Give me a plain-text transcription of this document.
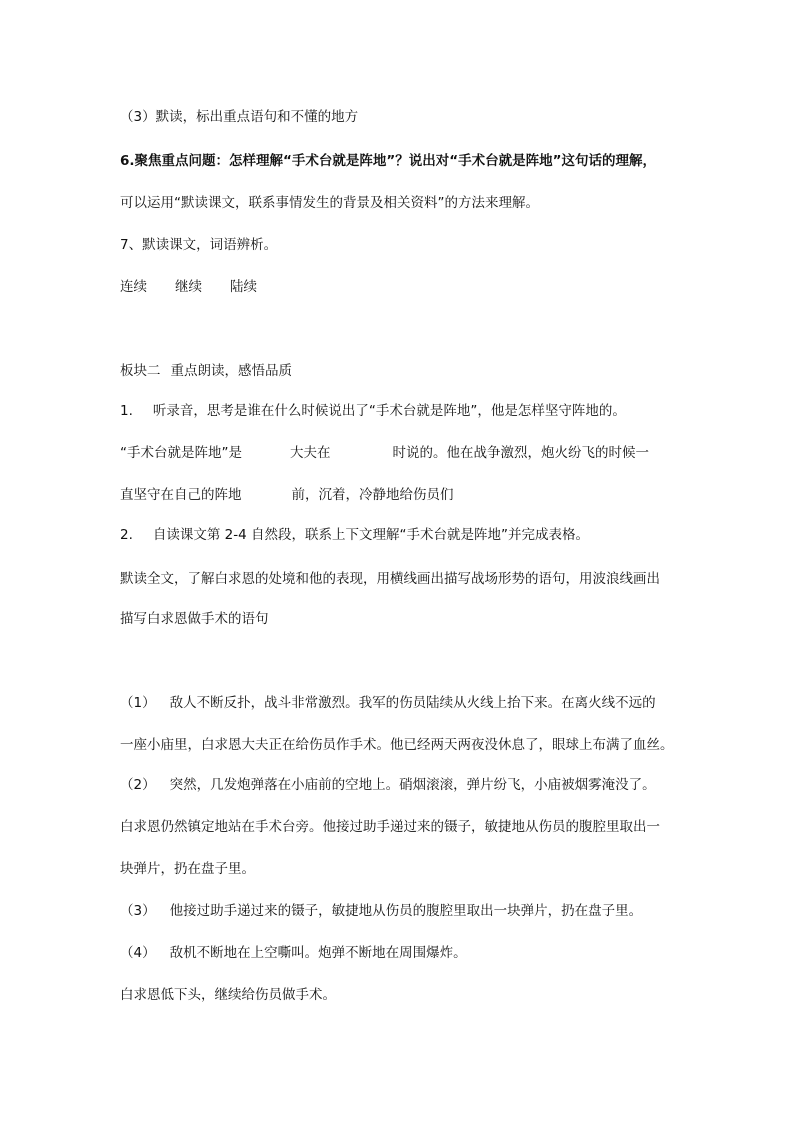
（3）默读，标出重点语句和不懂的地方

6.聚焦重点问题：怎样理解“手术台就是阵地”？说出对“手术台就是阵地”这句话的理解，

可以运用“默读课文，联系事情发生的背景及相关资料”的方法来理解。

7、默读课文，词语辨析。

连续 继续 陆续

板块二 重点朗读，感悟品质

1. 听录音，思考是谁在什么时候说出了“手术台就是阵地”，他是怎样坚守阵地的。

“手术台就是阵地”是	大夫在	时说的。他在战争激烈，炮火纷飞的时候一

直坚守在自己的阵地	前，沉着，冷静地给伤员们

2. 自读课文第 2-4 自然段，联系上下文理解“手术台就是阵地”并完成表格。

默读全文，了解白求恩的处境和他的表现，用横线画出描写战场形势的语句，用波浪线画出

描写白求恩做手术的语句

（1） 敌人不断反扑，战斗非常激烈。我军的伤员陆续从火线上抬下来。在离火线不远的

一座小庙里，白求恩大夫正在给伤员作手术。他已经两天两夜没休息了，眼球上布满了血丝。

（2） 突然，几发炮弹落在小庙前的空地上。硝烟滚滚，弹片纷飞，小庙被烟雾淹没了。

白求恩仍然镇定地站在手术台旁。他接过助手递过来的镊子，敏捷地从伤员的腹腔里取出一

块弹片，扔在盘子里。

（3） 他接过助手递过来的镊子，敏捷地从伤员的腹腔里取出一块弹片，扔在盘子里。

（4） 敌机不断地在上空嘶叫。炮弹不断地在周围爆炸。

白求恩低下头，继续给伤员做手术。
